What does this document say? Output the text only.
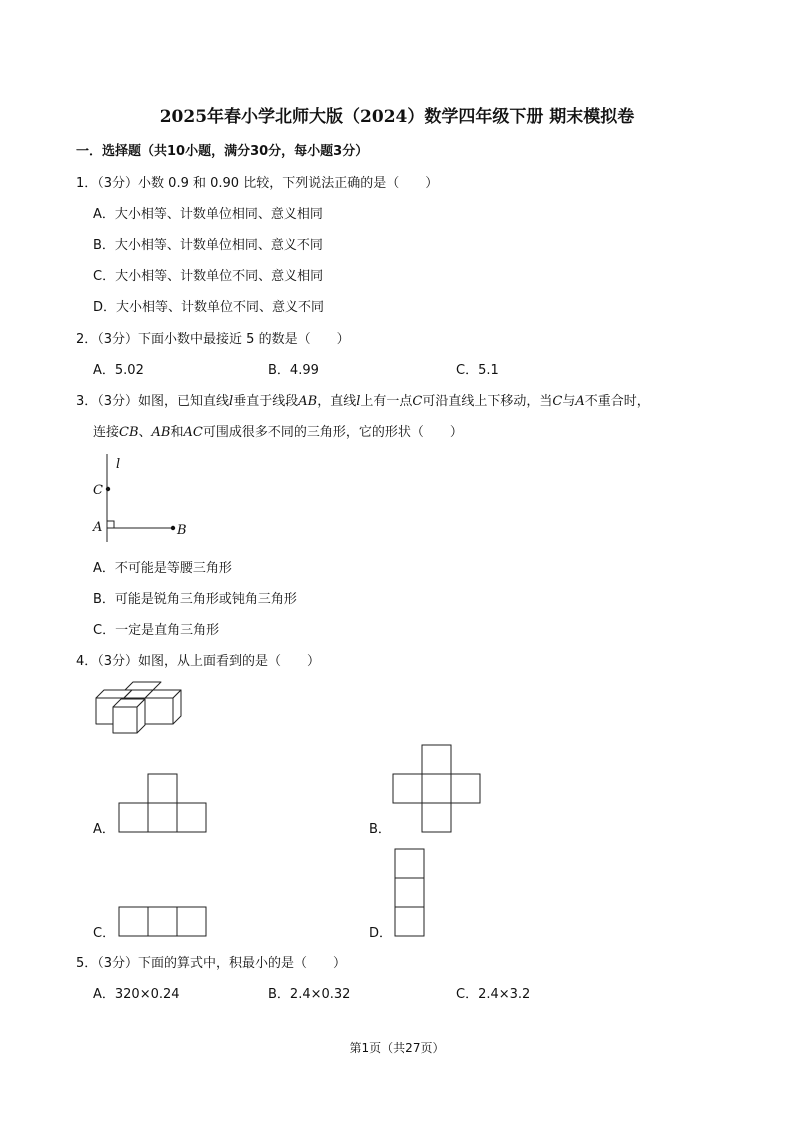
2025年春小学北师大版（2024）数学四年级下册 期末模拟卷
一．选择题（共10小题，满分30分，每小题3分）
1．（3分）小数 0.9 和 0.90 比较，下列说法正确的是（　　）
A．大小相等、计数单位相同、意义相同
B．大小相等、计数单位相同、意义不同
C．大小相等、计数单位不同、意义相同
D．大小相等、计数单位不同、意义不同
2．（3分）下面小数中最接近 5 的数是（　　）
A．5.02	B．4.99	C．5.1
3．（3分）如图，已知直线l垂直于线段AB，直线l上有一点C可沿直线上下移动，当C与A不重合时，
连接CB、AB和AC可围成很多不同的三角形，它的形状（　　）
l
C
A	B
A．不可能是等腰三角形
B．可能是锐角三角形或钝角三角形
C．一定是直角三角形
4．（3分）如图，从上面看到的是（　　）
A．	B．
C．	D．
5．（3分）下面的算式中，积最小的是（　　）
A．320×0.24	B．2.4×0.32	C．2.4×3.2
第1页（共27页）
